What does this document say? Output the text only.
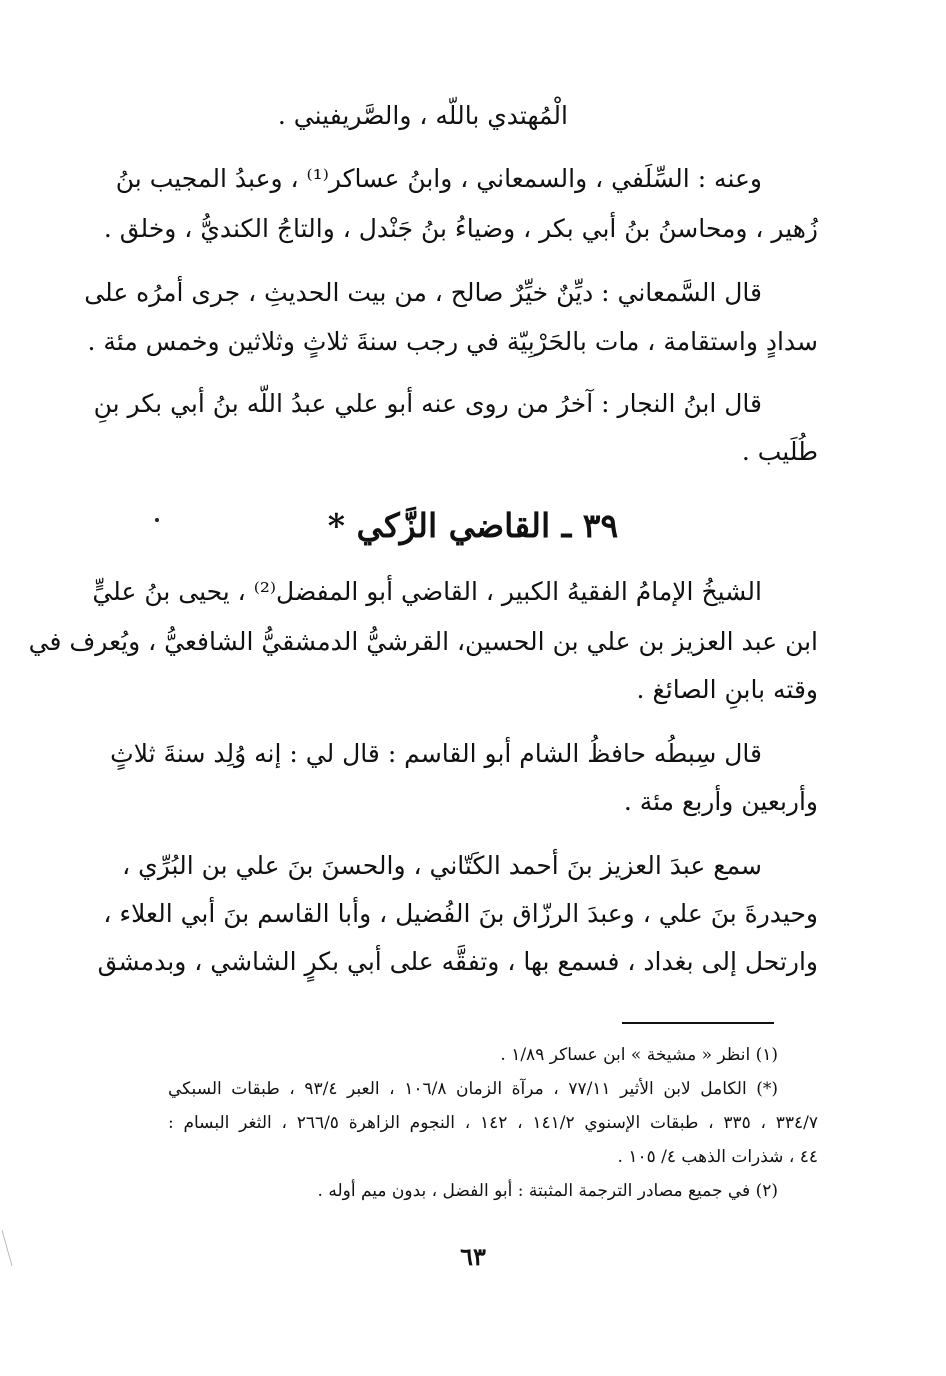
الْمُهتدي باللّه ، والصَّريفيني .
وعنه : السِّلَفي ، والسمعاني ، وابنُ عساكر⁽¹⁾ ، وعبدُ المجيب بنُ
زُهير ، ومحاسنُ بنُ أبي بكر ، وضياءُ بنُ جَنْدل ، والتاجُ الكنديُّ ، وخلق .
قال السَّمعاني : ديِّنٌ خيِّرٌ صالح ، من بيت الحديثِ ، جرى أمرُه على
سدادٍ واستقامة ، مات بالحَرْبِيّة في رجب سنةَ ثلاثٍ وثلاثين وخمس مئة .
قال ابنُ النجار : آخرُ من روى عنه أبو علي عبدُ اللّه بنُ أبي بكر بنِ
طُلَيب .
٣٩ ـ القاضي الزَّكي *
الشيخُ الإمامُ الفقيهُ الكبير ، القاضي أبو المفضل⁽²⁾ ، يحيى بنُ عليٍّ
ابن عبد العزيز بن علي بن الحسين، القرشيُّ الدمشقيُّ الشافعيُّ ، ويُعرف في
وقته بابنِ الصائغ .
قال سِبطُه حافظُ الشام أبو القاسم : قال لي : إنه وُلِد سنةَ ثلاثٍ
وأربعين وأربع مئة .
سمع عبدَ العزيز بنَ أحمد الكَتّاني ، والحسنَ بنَ علي بن البُرِّي ،
وحيدرةَ بنَ علي ، وعبدَ الرزّاق بنَ الفُضيل ، وأبا القاسم بنَ أبي العلاء ،
وارتحل إلى بغداد ، فسمع بها ، وتفقَّه على أبي بكرٍ الشاشي ، وبدمشق
(١) انظر « مشيخة » ابن عساكر ١/٨٩ .
(*) الكامل لابن الأثير ٧٧/١١ ، مرآة الزمان ١٠٦/٨ ، العبر ٩٣/٤ ، طبقات السبكي
٣٣٤/٧ ، ٣٣٥ ، طبقات الإسنوي ١٤١/٢ ، ١٤٢ ، النجوم الزاهرة ٢٦٦/٥ ، الثغر البسام :
٤٤ ، شذرات الذهب ٤/ ١٠٥ .
(٢) في جميع مصادر الترجمة المثبتة : أبو الفضل ، بدون ميم أوله .
٦٣
